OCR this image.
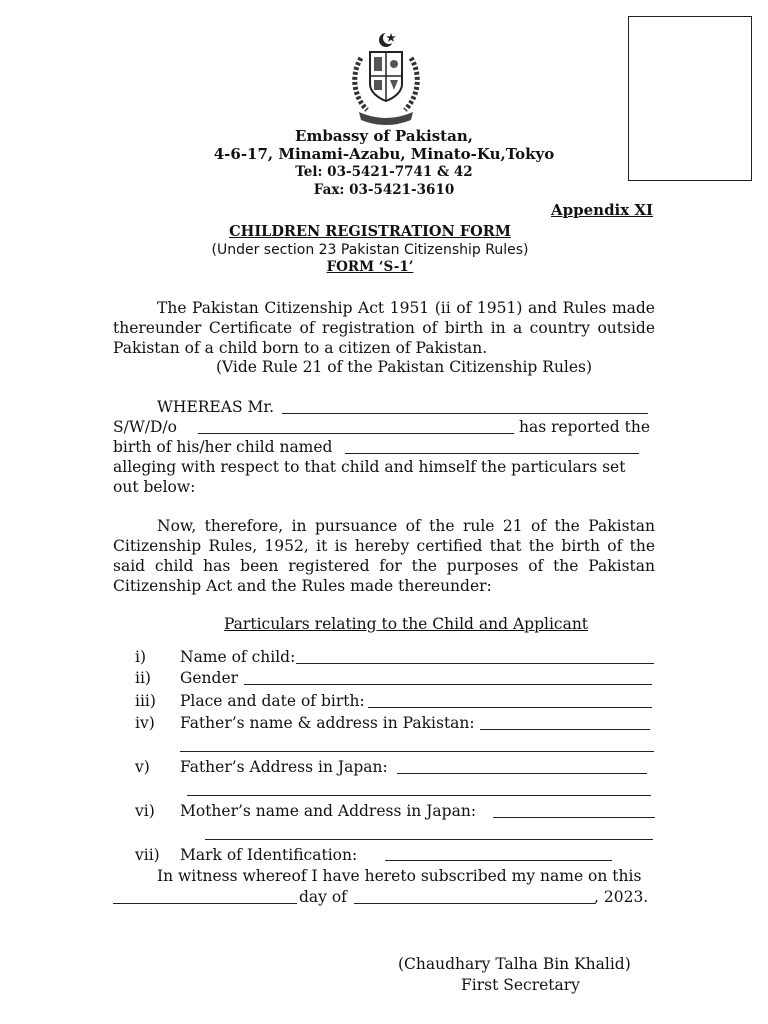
Embassy of Pakistan,
4-6-17, Minami-Azabu, Minato-Ku,Tokyo
Tel: 03-5421-7741 & 42
Fax: 03-5421-3610
Appendix XI
CHILDREN REGISTRATION FORM
(Under section 23 Pakistan Citizenship Rules)
FORM ‘S-1’
The Pakistan Citizenship Act 1951 (ii of 1951) and Rules made thereunder Certificate of registration of birth in a country outside Pakistan of a child born to a citizen of Pakistan.
(Vide Rule 21 of the Pakistan Citizenship Rules)
WHEREAS Mr.
S/W/D/o	has reported the
birth of his/her child named
alleging with respect to that child and himself the particulars set
out below:
Now, therefore, in pursuance of the rule 21 of the Pakistan Citizenship Rules, 1952, it is hereby certified that the birth of the said child has been registered for the purposes of the Pakistan Citizenship Act and the Rules made thereunder:
Particulars relating to the Child and Applicant
i) Name of child:
ii) Gender
iii) Place and date of birth:
iv) Father’s name & address in Pakistan:
v) Father’s Address in Japan:
vi) Mother’s name and Address in Japan:
vii) Mark of Identification:
In witness whereof I have hereto subscribed my name on this
day of	, 2023.
(Chaudhary Talha Bin Khalid)
First Secretary
